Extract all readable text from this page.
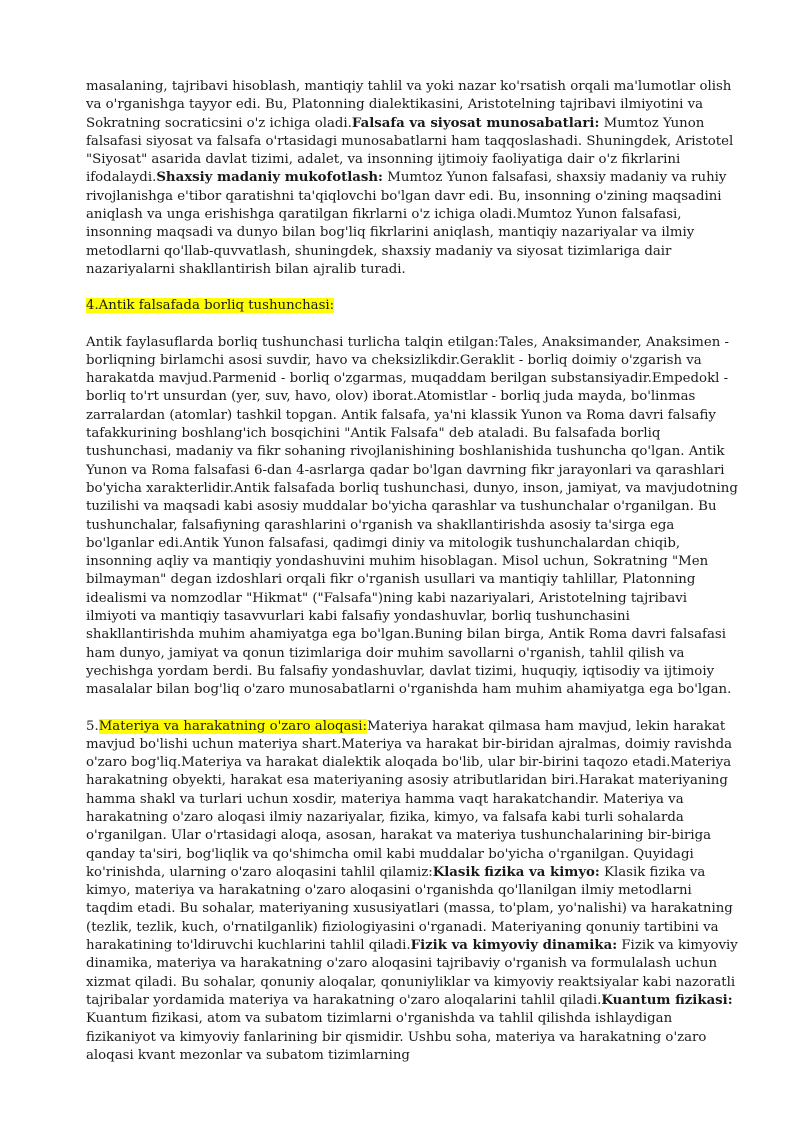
masalaning, tajribavi hisoblash, mantiqiy tahlil va yoki nazar ko'rsatish orqali ma'lumotlar olish va o'rganishga tayyor edi. Bu, Platonning dialektikasini, Aristotelning tajribavi ilmiyotini va Sokratning socraticsini o'z ichiga oladi.Falsafa va siyosat munosabatlari: Mumtoz Yunon falsafasi siyosat va falsafa o'rtasidagi munosabatlarni ham taqqoslashadi. Shuningdek, Aristotel "Siyosat" asarida davlat tizimi, adalet, va insonning ijtimoiy faoliyatiga dair o'z fikrlarini ifodalaydi.Shaxsiy madaniy mukofotlash: Mumtoz Yunon falsafasi, shaxsiy madaniy va ruhiy rivojlanishga e'tibor qaratishni ta'qiqlovchi bo'lgan davr edi. Bu, insonning o'zining maqsadini aniqlash va unga erishishga qaratilgan fikrlarni o'z ichiga oladi.Mumtoz Yunon falsafasi, insonning maqsadi va dunyo bilan bog'liq fikrlarini aniqlash, mantiqiy nazariyalar va ilmiy metodlarni qo'llab-quvvatlash, shuningdek, shaxsiy madaniy va siyosat tizimlariga dair nazariyalarni shakllantirish bilan ajralib turadi.

4.Antik falsafada borliq tushunchasi:

Antik faylasuflarda borliq tushunchasi turlicha talqin etilgan:Tales, Anaksimander, Anaksimen - borliqning birlamchi asosi suvdir, havo va cheksizlikdir.Geraklit - borliq doimiy o'zgarish va harakatda mavjud.Parmenid - borliq o'zgarmas, muqaddam berilgan substansiyadir.Empedokl - borliq to'rt unsurdan (yer, suv, havo, olov) iborat.Atomistlar - borliq juda mayda, bo'linmas zarralardan (atomlar) tashkil topgan. Antik falsafa, ya'ni klassik Yunon va Roma davri falsafiy tafakkurining boshlang'ich bosqichini "Antik Falsafa" deb ataladi. Bu falsafada borliq tushunchasi, madaniy va fikr sohaning rivojlanishining boshlanishida tushuncha qo'lgan. Antik Yunon va Roma falsafasi 6-dan 4-asrlarga qadar bo'lgan davrning fikr jarayonlari va qarashlari bo'yicha xarakterlidir.Antik falsafada borliq tushunchasi, dunyo, inson, jamiyat, va mavjudotning tuzilishi va maqsadi kabi asosiy muddalar bo'yicha qarashlar va tushunchalar o'rganilgan. Bu tushunchalar, falsafiyning qarashlarini o'rganish va shakllantirishda asosiy ta'sirga ega bo'lganlar edi.Antik Yunon falsafasi, qadimgi diniy va mitologik tushunchalardan chiqib, insonning aqliy va mantiqiy yondashuvini muhim hisoblagan. Misol uchun, Sokratning "Men bilmayman" degan izdoshlari orqali fikr o'rganish usullari va mantiqiy tahlillar, Platonning idealismi va nomzodlar "Hikmat" ("Falsafa")ning kabi nazariyalari, Aristotelning tajribavi ilmiyoti va mantiqiy tasavvurlari kabi falsafiy yondashuvlar, borliq tushunchasini shakllantirishda muhim ahamiyatga ega bo'lgan.Buning bilan birga, Antik Roma davri falsafasi ham dunyo, jamiyat va qonun tizimlariga doir muhim savollarni o'rganish, tahlil qilish va yechishga yordam berdi. Bu falsafiy yondashuvlar, davlat tizimi, huquqiy, iqtisodiy va ijtimoiy masalalar bilan bog'liq o'zaro munosabatlarni o'rganishda ham muhim ahamiyatga ega bo'lgan.

5.Materiya va harakatning o'zaro aloqasi:Materiya harakat qilmasa ham mavjud, lekin harakat mavjud bo'lishi uchun materiya shart.Materiya va harakat bir-biridan ajralmas, doimiy ravishda o'zaro bog'liq.Materiya va harakat dialektik aloqada bo'lib, ular bir-birini taqozo etadi.Materiya harakatning obyekti, harakat esa materiyaning asosiy atributlaridan biri.Harakat materiyaning hamma shakl va turlari uchun xosdir, materiya hamma vaqt harakatchandir. Materiya va harakatning o'zaro aloqasi ilmiy nazariyalar, fizika, kimyo, va falsafa kabi turli sohalarda o'rganilgan. Ular o'rtasidagi aloqa, asosan, harakat va materiya tushunchalarining bir-biriga qanday ta'siri, bog'liqlik va qo'shimcha omil kabi muddalar bo'yicha o'rganilgan. Quyidagi ko'rinishda, ularning o'zaro aloqasini tahlil qilamiz:Klasik fizika va kimyo: Klasik fizika va kimyo, materiya va harakatning o'zaro aloqasini o'rganishda qo'llanilgan ilmiy metodlarni taqdim etadi. Bu sohalar, materiyaning xususiyatlari (massa, to'plam, yo'nalishi) va harakatning (tezlik, tezlik, kuch, o'rnatilganlik) fiziologiyasini o'rganadi. Materiyaning qonuniy tartibini va harakatining to'ldiruvchi kuchlarini tahlil qiladi.Fizik va kimyoviy dinamika: Fizik va kimyoviy dinamika, materiya va harakatning o'zaro aloqasini tajribaviy o'rganish va formulalash uchun xizmat qiladi. Bu sohalar, qonuniy aloqalar, qonuniyliklar va kimyoviy reaktsiyalar kabi nazoratli tajribalar yordamida materiya va harakatning o'zaro aloqalarini tahlil qiladi.Kuantum fizikasi: Kuantum fizikasi, atom va subatom tizimlarni o'rganishda va tahlil qilishda ishlaydigan fizikaniyot va kimyoviy fanlarining bir qismidir. Ushbu soha, materiya va harakatning o'zaro aloqasi kvant mezonlar va subatom tizimlarning
